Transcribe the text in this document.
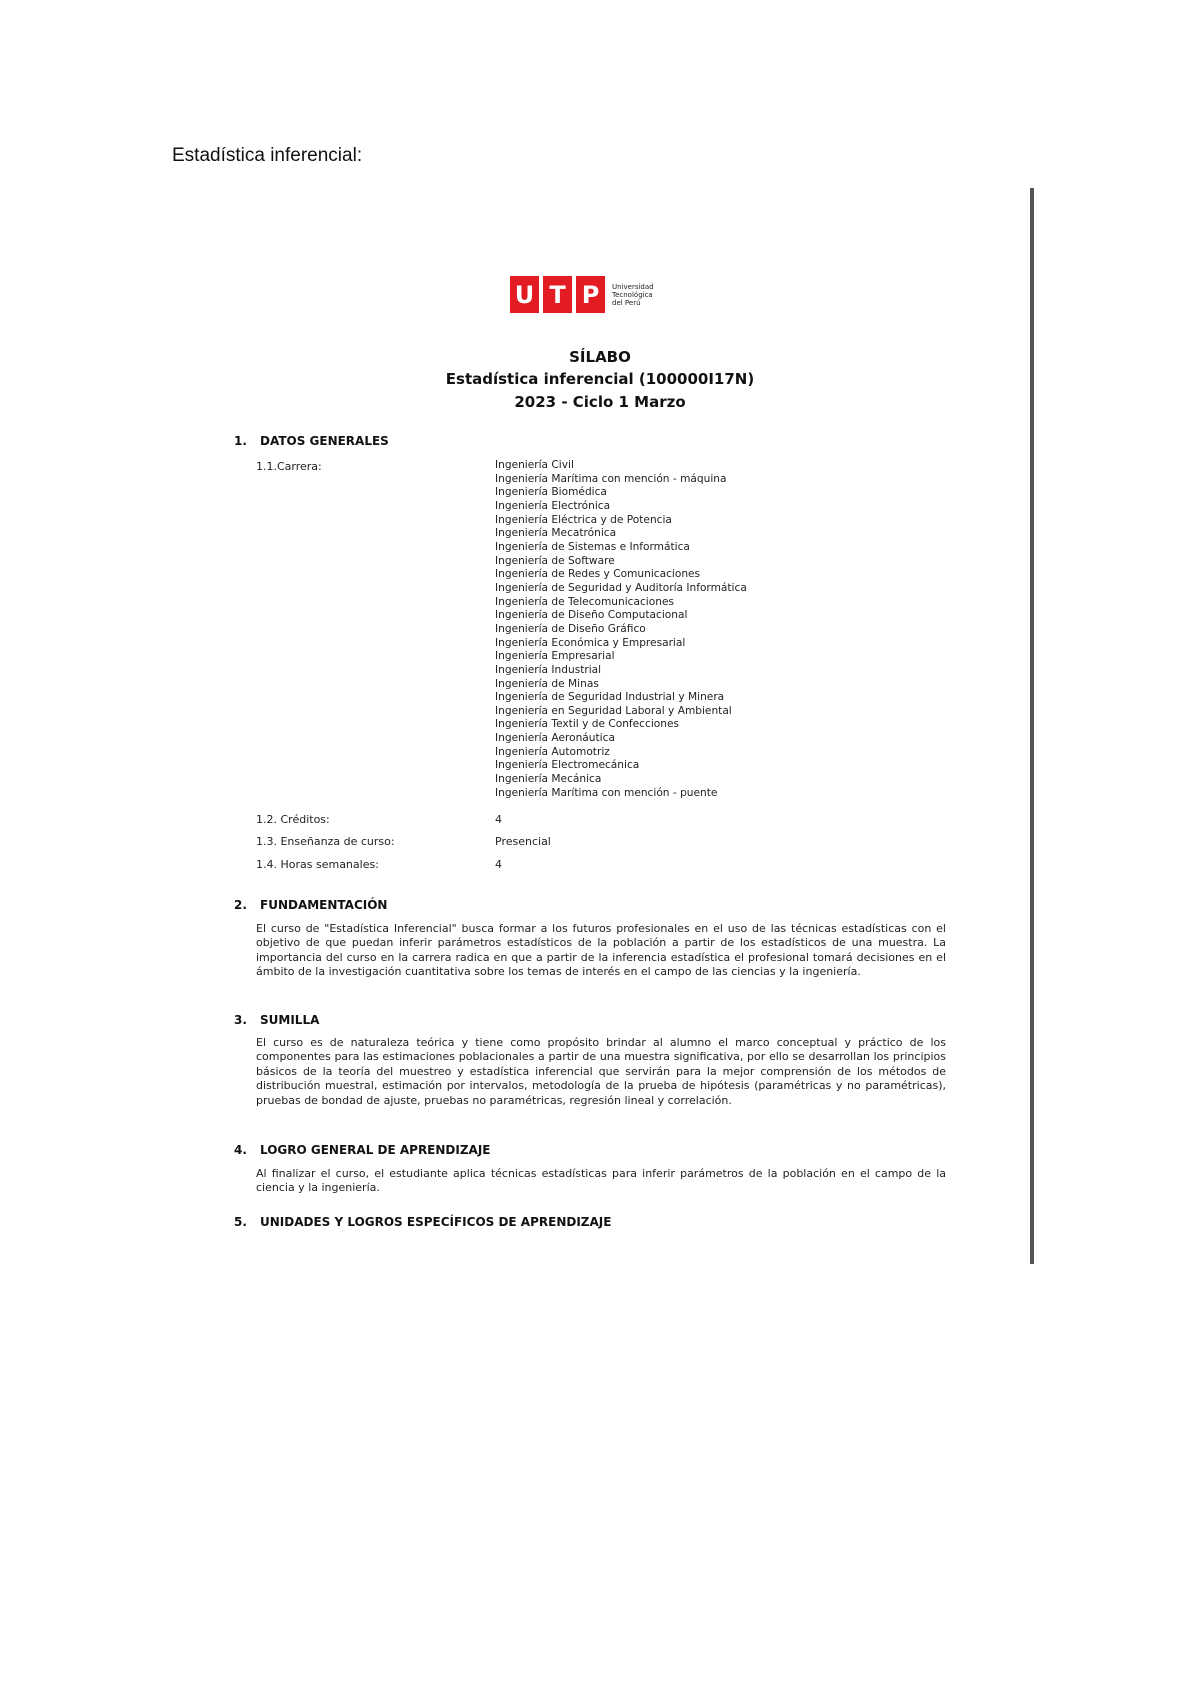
Estadística inferencial:
U T P	Universidad
Tecnológica
del Perú
SÍLABO
Estadística inferencial (100000I17N)
2023 - Ciclo 1 Marzo
1. DATOS GENERALES
1.1.Carrera:	Ingeniería Civil
Ingeniería Marítima con mención - máquina
Ingeniería Biomédica
Ingeniería Electrónica
Ingeniería Eléctrica y de Potencia
Ingeniería Mecatrónica
Ingeniería de Sistemas e Informática
Ingeniería de Software
Ingeniería de Redes y Comunicaciones
Ingeniería de Seguridad y Auditoría Informática
Ingeniería de Telecomunicaciones
Ingeniería de Diseño Computacional
Ingeniería de Diseño Gráfico
Ingeniería Económica y Empresarial
Ingeniería Empresarial
Ingeniería Industrial
Ingeniería de Minas
Ingeniería de Seguridad Industrial y Minera
Ingeniería en Seguridad Laboral y Ambiental
Ingeniería Textil y de Confecciones
Ingeniería Aeronáutica
Ingeniería Automotriz
Ingeniería Electromecánica
Ingeniería Mecánica
Ingeniería Marítima con mención - puente
1.2. Créditos:	4
1.3. Enseñanza de curso:	Presencial
1.4. Horas semanales:	4
2. FUNDAMENTACIÓN

El curso de "Estadística Inferencial" busca formar a los futuros profesionales en el uso de las técnicas estadísticas con el objetivo de que puedan inferir parámetros estadísticos de la población a partir de los estadísticos de una muestra. La importancia del curso en la carrera radica en que a partir de la inferencia estadística el profesional tomará decisiones en el ámbito de la investigación cuantitativa sobre los temas de interés en el campo de las ciencias y la ingeniería.

3. SUMILLA

El curso es de naturaleza teórica y tiene como propósito brindar al alumno el marco conceptual y práctico de los componentes para las estimaciones poblacionales a partir de una muestra significativa, por ello se desarrollan los principios básicos de la teoría del muestreo y estadística inferencial que servirán para la mejor comprensión de los métodos de distribución muestral, estimación por intervalos, metodología de la prueba de hipótesis (paramétricas y no paramétricas), pruebas de bondad de ajuste, pruebas no paramétricas, regresión lineal y correlación.

4. LOGRO GENERAL DE APRENDIZAJE

Al finalizar el curso, el estudiante aplica técnicas estadísticas para inferir parámetros de la población en el campo de la ciencia y la ingeniería.

5. UNIDADES Y LOGROS ESPECÍFICOS DE APRENDIZAJE
